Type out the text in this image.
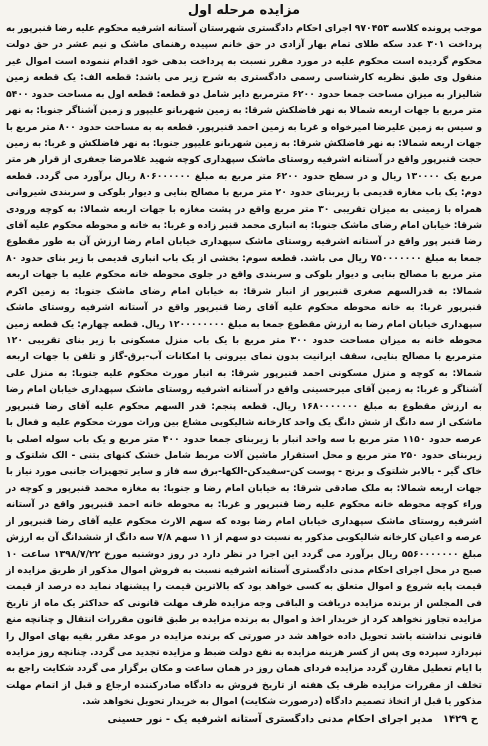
مزایده مرحله اول

موجب پرونده کلاسه ۹۷۰۴۵۳ اجرای احکام دادگستری شهرستان آستانه اشرفیه محکوم علیه رضا قنبرپور به پرداخت ۳۰۱ عدد سکه طلای تمام بهار آزادی در حق خانم سپیده رهنمای ماشک و نیم عشر در حق دولت محکوم گردیده است محکوم علیه در مورد مقرر نسبت به پرداخت بدهی خود اقدام ننموده است اموال غیر منقول وی طبق نظریه کارشناسی رسمی دادگستری به شرح زیر می باشد: قطعه الف: یک قطعه زمین شالیزار به میزان مساحت جمعا حدود ۶۲۰۰ مترمربع دایر شامل دو قطعه: قطعه اول به مساحت حدود ۵۴۰۰ متر مربع با جهات اربعه شمالا به نهر فاضلکش شرقا: به زمین شهربانو علیپور و زمین آشناگر جنوبا: به نهر و سیس به زمین علیرضا امیرخواه و غربا به زمین احمد قنبرپور. قطعه به به مساحت حدود ۸۰۰ متر مربع با جهات اربعه شمالا: به نهر فاضلکش شرقا: به زمین شهربانو علیپور جنوبا: به نهر فاضلکش و غربا: به زمین حجت قنبرپور واقع در آستانه اشرفیه روستای ماشک سپهداری کوچه شهید غلامرضا جعفری از قرار هر متر مربع یک ۱۳۰۰۰۰ ریال و در سطح حدود ۶۲۰۰ متر مربع به مبلغ ۸۰۶۰۰۰۰۰۰ ریال برآورد می گردد. قطعه دوم: یک باب مغازه قدیمی با زیربنای حدود ۲۰ متر مربع با مصالح بنایی و دیوار بلوکی و سربندی شیروانی همراه با زمینی به میزان تقریبی ۳۰ متر مربع واقع در پشت مغازه با جهات اربعه شمالا: به کوچه ورودی شرقا: خیابان امام رضای ماشک جنوبا: به انباری محمد قنبر زاده و غربا: به خانه و محوطه محکوم علیه آقای رضا قنبر پور واقع در آستانه اشرفیه روستای ماشک سپهداری خیابان امام رضا ارزش آن به طور مقطوع جمعا به مبلغ ۷۵۰۰۰۰۰۰۰ ریال می باشد. قطعه سوم: بخشی از یک باب انباری قدیمی با زیر بنای حدود ۸۰ متر مربع با مصالح بنایی و دیوار بلوکی و سربندی واقع در جلوی محوطه خانه محکوم علیه با جهات اربعه شمالا: به قدرالسهم صغری قنبرپور از انبار شرقا: به خیابان امام رضای ماشک جنوبا: به زمین اکرم قنبرپور غربا: به خانه محوطه محکوم علیه آقای رضا قنبرپور واقع در آستانه اشرفیه روستای ماشک سپهداری خیابان امام رضا به ارزش مقطوع جمعا به مبلغ ۱۲۰۰۰۰۰۰۰۰ ریال. قطعه چهارم: یک قطعه زمین محوطه خانه به میزان مساحت حدود ۳۰۰ متر مربع با یک باب منزل مسکونی با زیر بنای تقریبی ۱۲۰ مترمربع با مصالح بنایی، سقف ایرانیت بدون نمای بیرونی با امکانات آب-برق-گاز و تلفن با جهات اربعه شمالا: به کوچه و منزل مسکونی احمد قنبرپور شرقا: به انبار مورث محکوم علیه جنوبا: به منزل علی آشناگر و غربا: به زمین آقای میرحسینی واقع در آستانه اشرفیه روستای ماشک سپهداری خیابان امام رضا به ارزش مقطوع به مبلغ ۱۶۸۰۰۰۰۰۰۰ ریال. قطعه پنجم: قدر السهم محکوم علیه آقای رضا قنبرپور ماشکی از سه دانگ از شش دانگ یک واحد کارخانه شالیکوبی مشاع بین وراث مورث محکوم علیه و فعال با عرصه حدود ۱۱۵۰ متر مربع با سه واحد انبار با زیربنای جمعا حدود ۴۰۰ متر مربع و یک باب سوله اصلی با زیربنای حدود ۲۵۰ متر مربع و محل استقرار ماشین آلات مربط شامل خشک کنهای بتنی - الک شلتوک و خاک گیر - بالابر شلتوک و برنج - پوست کن-سفیدکن-الکها-برق سه فاز و سایر تجهیزات جانبی مورد نیاز با جهات اربعه شمالا: به ملک صادقی شرقا: به خیابان امام رضا و جنوبا: به مغازه محمد قنبرپور و کوچه در وراء کوچه محوطه خانه محکوم علیه رضا قنبرپور و غربا: به محوطه خانه احمد قنبرپور واقع در آستانه اشرفیه روستای ماشک سپهداری خیابان امام رضا بوده که سهم الارث محکوم علیه آقای رضا قنبرپور از عرصه و اعیان کارخانه شالیکوبی مذکور به نسبت دو سهم از ۱۱ سهم ۷/۸ سه دانگ از ششدانگ آن به ارزش مبلغ ۵۵۶۰۰۰۰۰۰۰ ریال برآورد می گردد این اجرا در نظر دارد در روز دوشنبه مورخ ۱۳۹۸/۷/۲۲ ساعت ۱۰ صبح در محل اجرای احکام مدنی دادگستری آستانه اشرفیه نسبت به فروش اموال مذکور از طریق مزایده از قیمت پایه شروع و اموال متعلق به کسی خواهد بود که بالاترین قیمت را پیشنهاد نماید ده درصد از قیمت فی المجلس از برنده مزایده دریافت و الباقی وجه مزایده ظرف مهلت قانونی که حداکثر یک ماه از تاریخ مزایده تجاوز نخواهد کرد از خریدار اخذ و اموال به برنده مزایده بر طبق قانون مقررات انتقال و چنانچه منع قانونی نداشته باشد تحویل داده خواهد شد در صورتی که برنده مزایده در موعد مقرر بقیه بهای اموال را نپردازد سپرده وی پس از کسر هزینه مزایده به نفع دولت ضبط و مزایده تجدید می گردد. چنانچه روز مزایده با ایام تعطیل مقارن گردد مزایده فردای همان روز در همان ساعت و مکان برگزار می گردد شکایت راجع به تخلف از مقررات مزایده ظرف یک هفته از تاریخ فروش به دادگاه صادرکننده ارجاع و قبل از اتمام مهلت مذکور یا قبل از اتخاذ تصمیم دادگاه (درصورت شکایت) اموال به خریدار تحویل نخواهد شد.

ح ۱۴۲۹
مدیر اجرای احکام مدنی دادگستری آستانه اشرفیه یک - نور حسینی
